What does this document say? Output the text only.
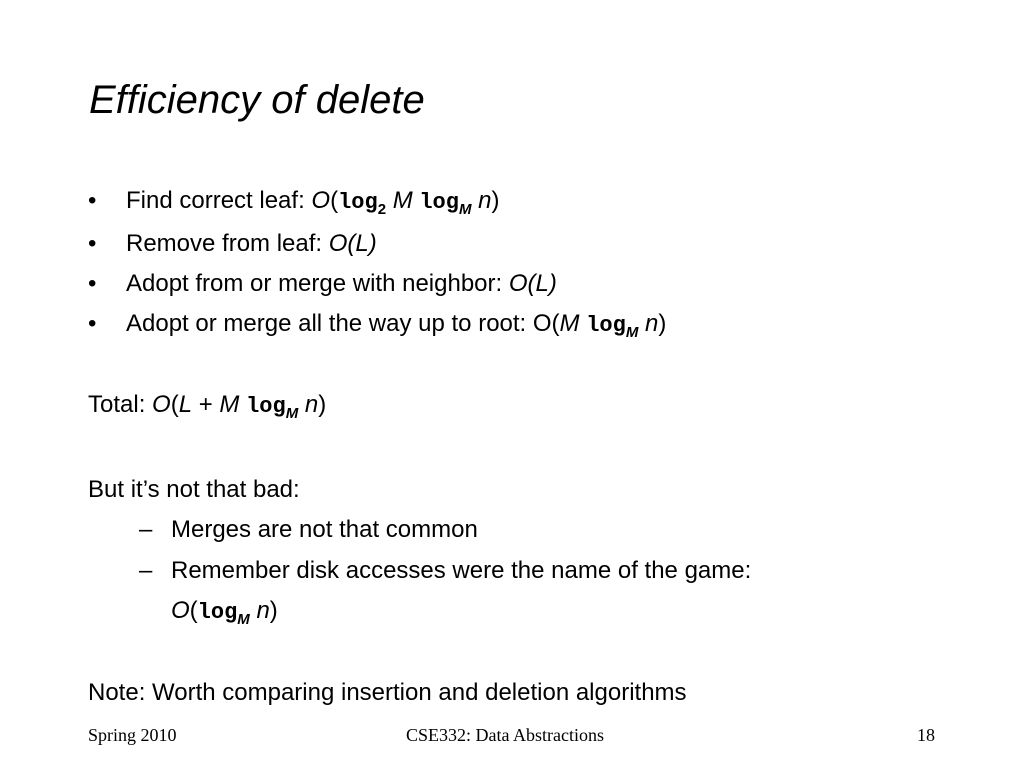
Efficiency of delete
• Find correct leaf: $O(\log_2$ M $\log_M n$)
• Remove from leaf: O(L)
• Adopt from or merge with neighbor: O(L)
• Adopt or merge all the way up to root: O(M $\log_M n$)
Total: O(L + M $\log_M n$)
But it’s not that bad:
– Merges are not that common
– Remember disk accesses were the name of the game:
$O(\log_M$ n)
Note: Worth comparing insertion and deletion algorithms
Spring 2010	CSE332: Data Abstractions	18
